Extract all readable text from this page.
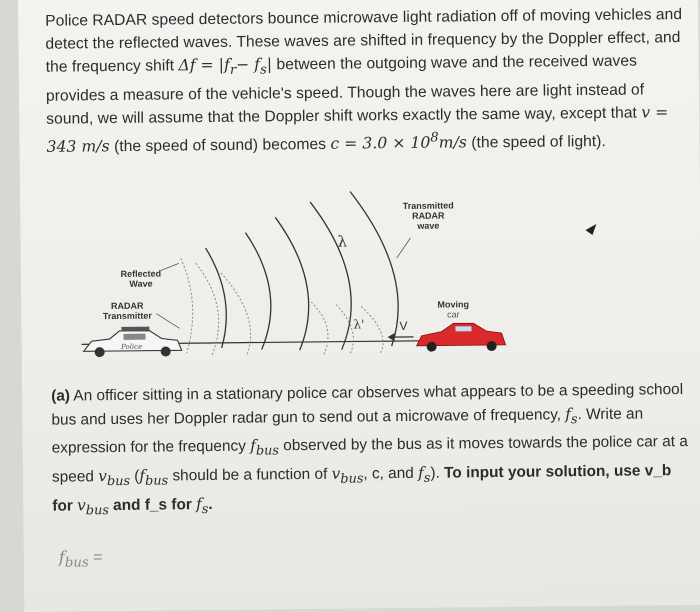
Police RADAR speed detectors bounce microwave light radiation off of moving vehicles and detect the reflected waves. These waves are shifted in frequency by the Doppler effect, and the frequency shift $\Delta f = |f_r- f_s|$ between the outgoing wave and the received waves provides a measure of the vehicle's speed. Though the waves here are light instead of sound, we will assume that the Doppler shift works exactly the same way, except that v = 343 m/s (the speed of sound) becomes $c = 3.0 \times 10^8m/s$ (the speed of light).
Transmitted
RADAR
wave
Reflected
Wave
RADAR
Transmitter
Moving
car
λ
λ'	V
Police
(a) An officer sitting in a stationary police car observes what appears to be a speeding school bus and uses her Doppler radar gun to send out a microwave of frequency, $f_s$. Write an expression for the frequency $f_{bus}$ observed by the bus as it moves towards the police car at a speed $v_{bus}$ ($f_{bus}$ should be a function of $v_{bus}$, c, and $f_s$). To input your solution, use v_b for $v_{bus}$ and f_s for $f_s$.
$f_{bus}$ =
